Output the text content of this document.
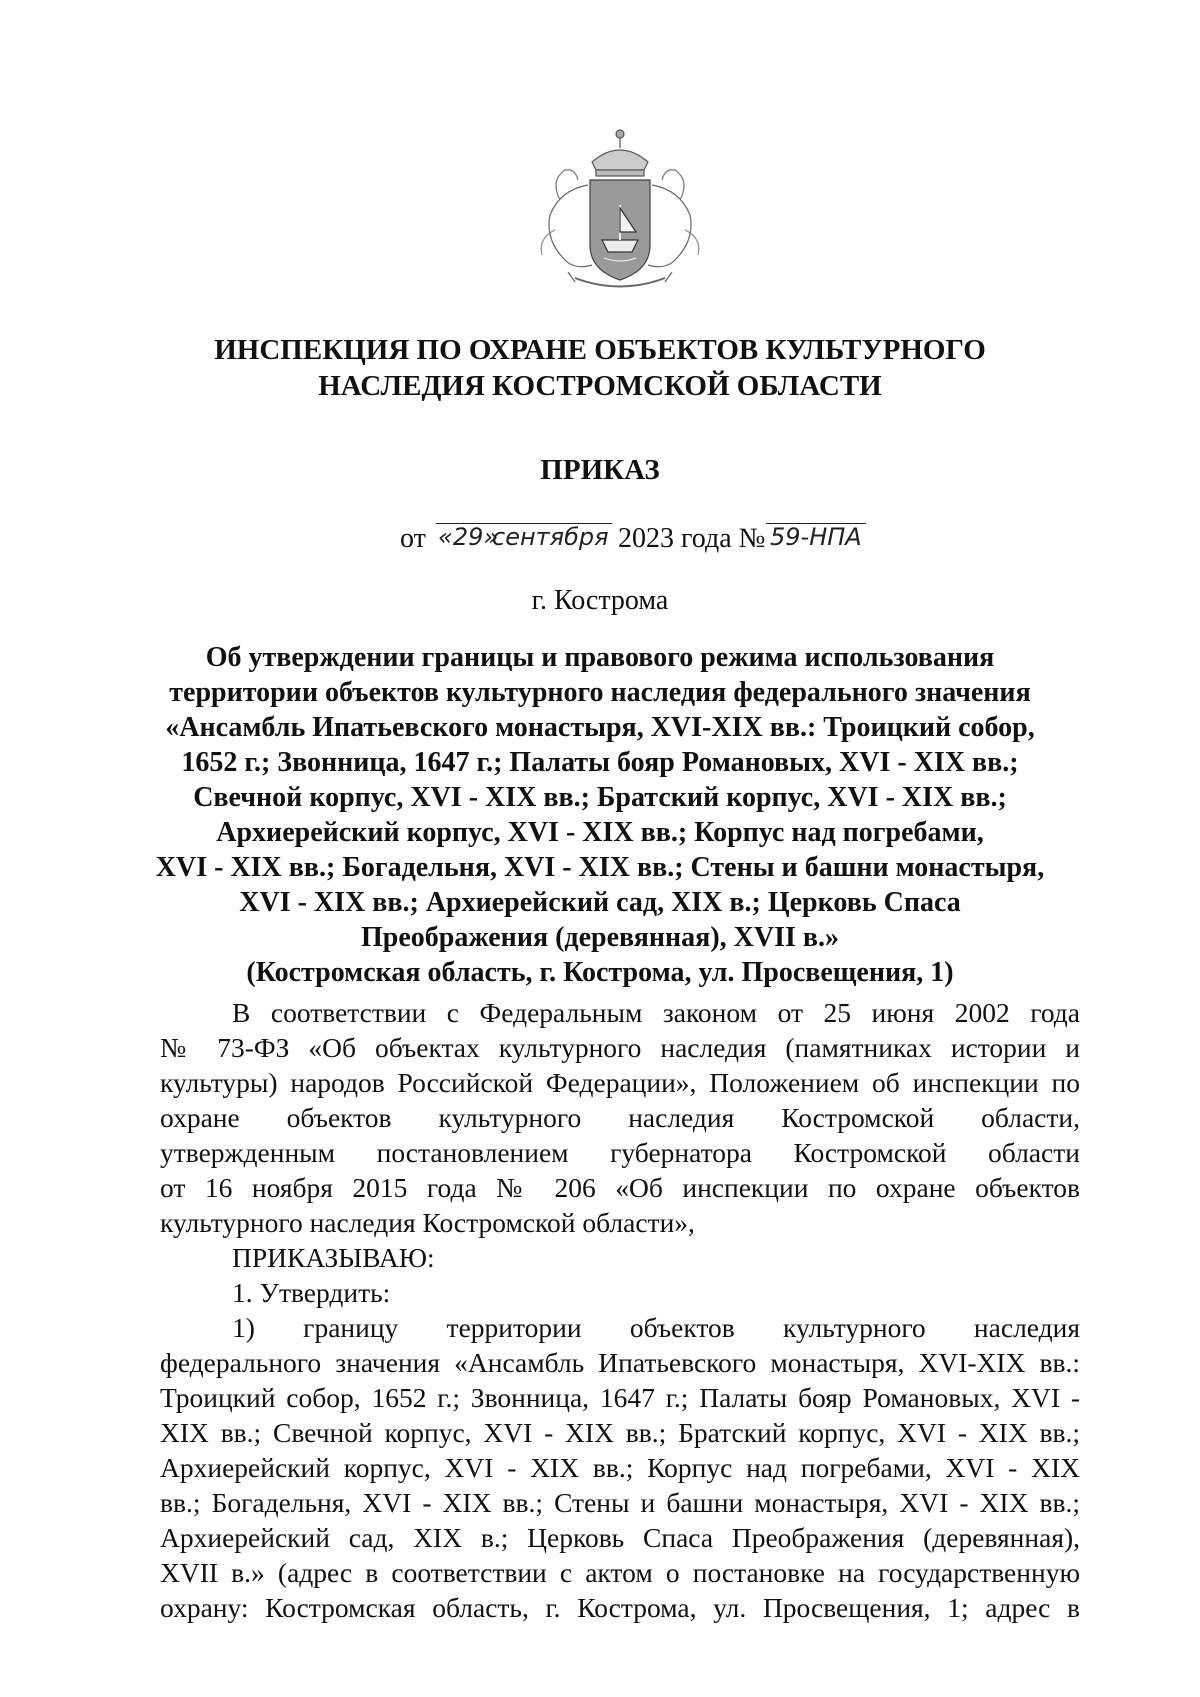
ИНСПЕКЦИЯ ПО ОХРАНЕ ОБЪЕКТОВ КУЛЬТУРНОГО
НАСЛЕДИЯ КОСТРОМСКОЙ ОБЛАСТИ
ПРИКАЗ
от «29»
сентября 2023 года № 59-НПА
г. Кострома
Об утверждении границы и правового режима использования
территории объектов культурного наследия федерального значения
«Ансамбль Ипатьевского монастыря, XVI-XIX вв.: Троицкий собор,
1652 г.; Звонница, 1647 г.; Палаты бояр Романовых, XVI - XIX вв.;
Свечной корпус, XVI - XIX вв.; Братский корпус, XVI - XIX вв.;
Архиерейский корпус, XVI - XIX вв.; Корпус над погребами,
XVI - XIX вв.; Богадельня, XVI - XIX вв.; Стены и башни монастыря,
XVI - XIX вв.; Архиерейский сад, XIX в.; Церковь Спаса
Преображения (деревянная), XVII в.»
(Костромская область, г. Кострома, ул. Просвещения, 1)
В соответствии с Федеральным законом от 25 июня 2002 года
№ 73-ФЗ «Об объектах культурного наследия (памятниках истории и
культуры) народов Российской Федерации», Положением об инспекции по
охране объектов культурного наследия Костромской области,
утвержденным постановлением губернатора Костромской области
от 16 ноября 2015 года № 206 «Об инспекции по охране объектов
культурного наследия Костромской области»,
ПРИКАЗЫВАЮ:
1. Утвердить:
1) границу территории объектов культурного наследия
федерального значения «Ансамбль Ипатьевского монастыря, XVI-XIX вв.:
Троицкий собор, 1652 г.; Звонница, 1647 г.; Палаты бояр Романовых, XVI -
XIX вв.; Свечной корпус, XVI - XIX вв.; Братский корпус, XVI - XIX вв.;
Архиерейский корпус, XVI - XIX вв.; Корпус над погребами, XVI - XIX
вв.; Богадельня, XVI - XIX вв.; Стены и башни монастыря, XVI - XIX вв.;
Архиерейский сад, XIX в.; Церковь Спаса Преображения (деревянная),
XVII в.» (адрес в соответствии с актом о постановке на государственную
охрану: Костромская область, г. Кострома, ул. Просвещения, 1; адрес в
